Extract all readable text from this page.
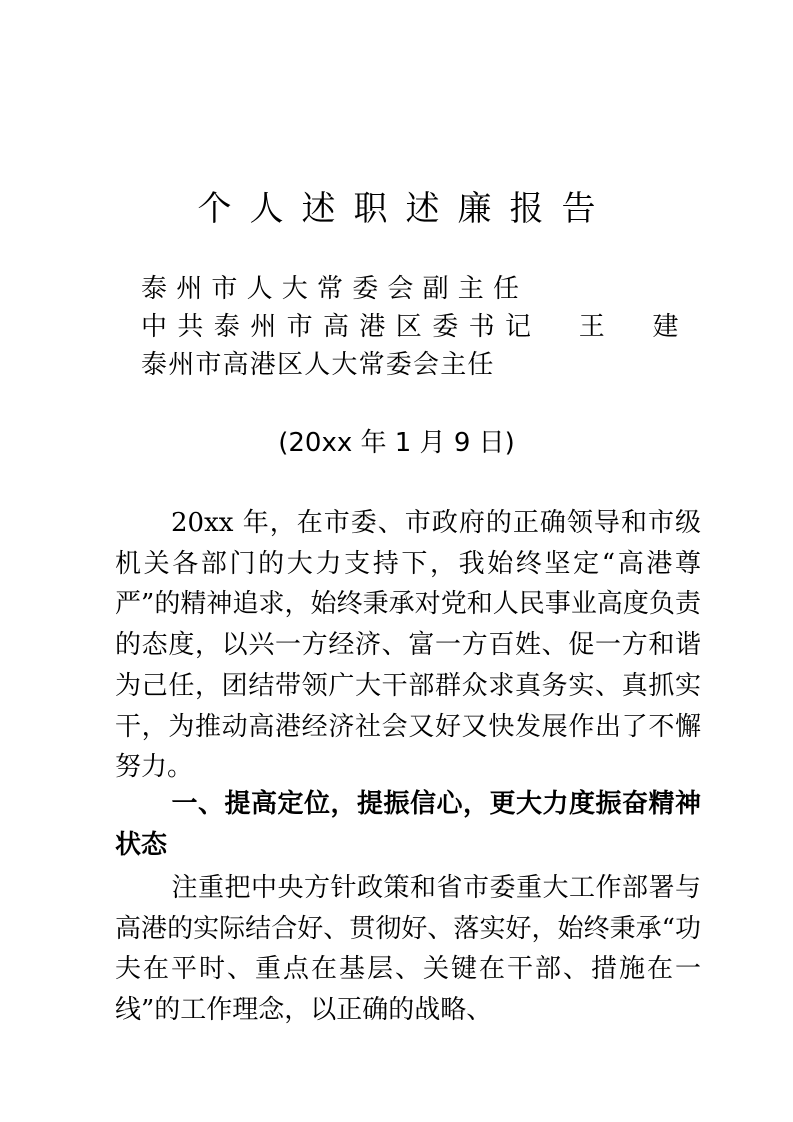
个人述职述廉报告
泰州市人大常委会副主任
中共泰州市高港区委书记  王  建
泰州市高港区人大常委会主任
(20xx 年 1 月 9 日)
20xx 年，在市委、市政府的正确领导和市级机关各部门的大力支持下，我始终坚定“高港尊严”的精神追求，始终秉承对党和人民事业高度负责的态度，以兴一方经济、富一方百姓、促一方和谐为己任，团结带领广大干部群众求真务实、真抓实干，为推动高港经济社会又好又快发展作出了不懈努力。
一、提高定位，提振信心，更大力度振奋精神状态
注重把中央方针政策和省市委重大工作部署与高港的实际结合好、贯彻好、落实好，始终秉承“功夫在平时、重点在基层、关键在干部、措施在一线”的工作理念，以正确的战略、
